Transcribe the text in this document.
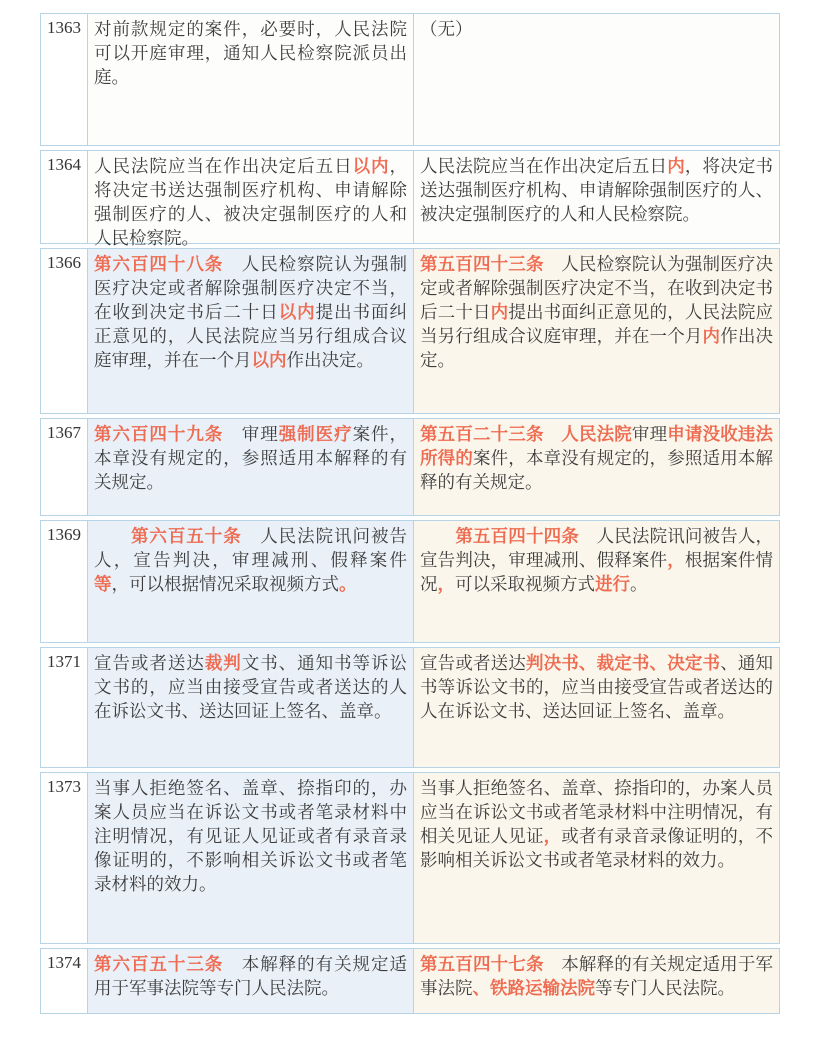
1363 对前款规定的案件，必要时，人民法院可以开庭审理，通知人民检察院派员出庭。
（无）
1364 人民法院应当在作出决定后五日以内，将决定书送达强制医疗机构、申请解除强制医疗的人、被决定强制医疗的人和人民检察院。
人民法院应当在作出决定后五日内，将决定书送达强制医疗机构、申请解除强制医疗的人、被决定强制医疗的人和人民检察院。
1366 第六百四十八条　人民检察院认为强制医疗决定或者解除强制医疗决定不当，在收到决定书后二十日以内提出书面纠正意见的，人民法院应当另行组成合议庭审理，并在一个月以内作出决定。
第五百四十三条　人民检察院认为强制医疗决定或者解除强制医疗决定不当，在收到决定书后二十日内提出书面纠正意见的，人民法院应当另行组成合议庭审理，并在一个月内作出决定。
1367 第六百四十九条　审理强制医疗案件，本章没有规定的，参照适用本解释的有关规定。
第五百二十三条　 人民法院审理申请没收违法所得的案件，本章没有规定的，参照适用本解释的有关规定。
1369
　　	第六百五十条　人民法院讯问被告人，宣告判决，审理减刑、假释案件等，可以根据情况采取视频方式。
　　第五百四十四条　人民法院讯问被告人，宣告判决，审理减刑、假释案件，根据案件情况，可以采取视频方式进行。
1371 宣告或者送达裁判文书、通知书等诉讼文书的，应当由接受宣告或者送达的人在诉讼文书、送达回证上签名、盖章。
宣告或者送达判决书、裁定书、决定书、通知书等诉讼文书的，应当由接受宣告或者送达的人在诉讼文书、送达回证上签名、盖章。
1373 当事人拒绝签名、盖章、捺指印的，办案人员应当在诉讼文书或者笔录材料中注明情况，有见证人见证或者有录音录像证明的，不影响相关诉讼文书或者笔录材料的效力。
当事人拒绝签名、盖章、捺指印的，办案人员应当在诉讼文书或者笔录材料中注明情况，有相关见证人见证，或者有录音录像证明的，不影响相关诉讼文书或者笔录材料的效力。
1374 第六百五十三条　本解释的有关规定适用于军事法院等专门人民法院。
第五百四十七条　本解释的有关规定适用于军事法院、铁路运输法院等专门人民法院。
